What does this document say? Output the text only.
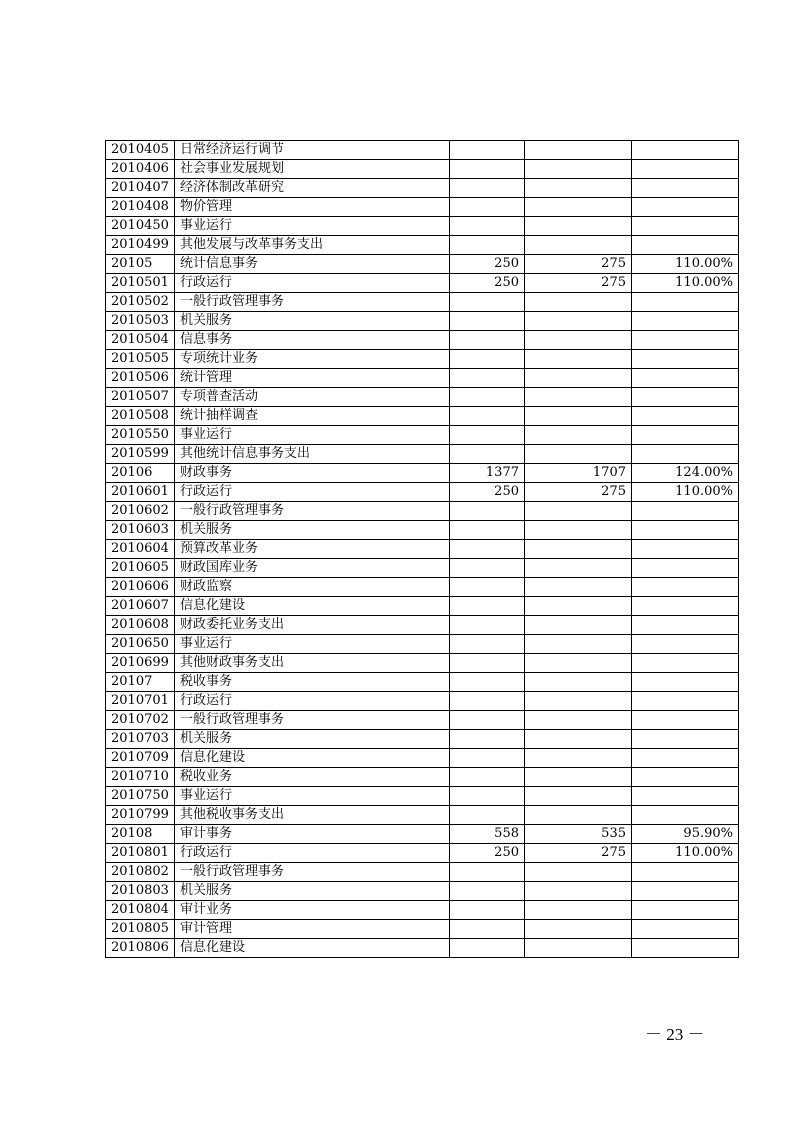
2010405	日常经济运行调节			
2010406	社会事业发展规划			
2010407	经济体制改革研究			
2010408	物价管理			
2010450	事业运行			
2010499	其他发展与改革事务支出			
20105	统计信息事务	250	275	110.00%
2010501	行政运行	250	275	110.00%
2010502	一般行政管理事务			
2010503	机关服务			
2010504	信息事务			
2010505	专项统计业务			
2010506	统计管理			
2010507	专项普查活动			
2010508	统计抽样调查			
2010550	事业运行			
2010599	其他统计信息事务支出			
20106	财政事务	1377	1707	124.00%
2010601	行政运行	250	275	110.00%
2010602	一般行政管理事务			
2010603	机关服务			
2010604	预算改革业务			
2010605	财政国库业务			
2010606	财政监察			
2010607	信息化建设			
2010608	财政委托业务支出			
2010650	事业运行			
2010699	其他财政事务支出			
20107	税收事务			
2010701	行政运行			
2010702	一般行政管理事务			
2010703	机关服务			
2010709	信息化建设			
2010710	税收业务			
2010750	事业运行			
2010799	其他税收事务支出			
20108	审计事务	558	535	95.90%
2010801	行政运行	250	275	110.00%
2010802	一般行政管理事务			
2010803	机关服务			
2010804	审计业务			
2010805	审计管理			
2010806	信息化建设			
－ 23 －
